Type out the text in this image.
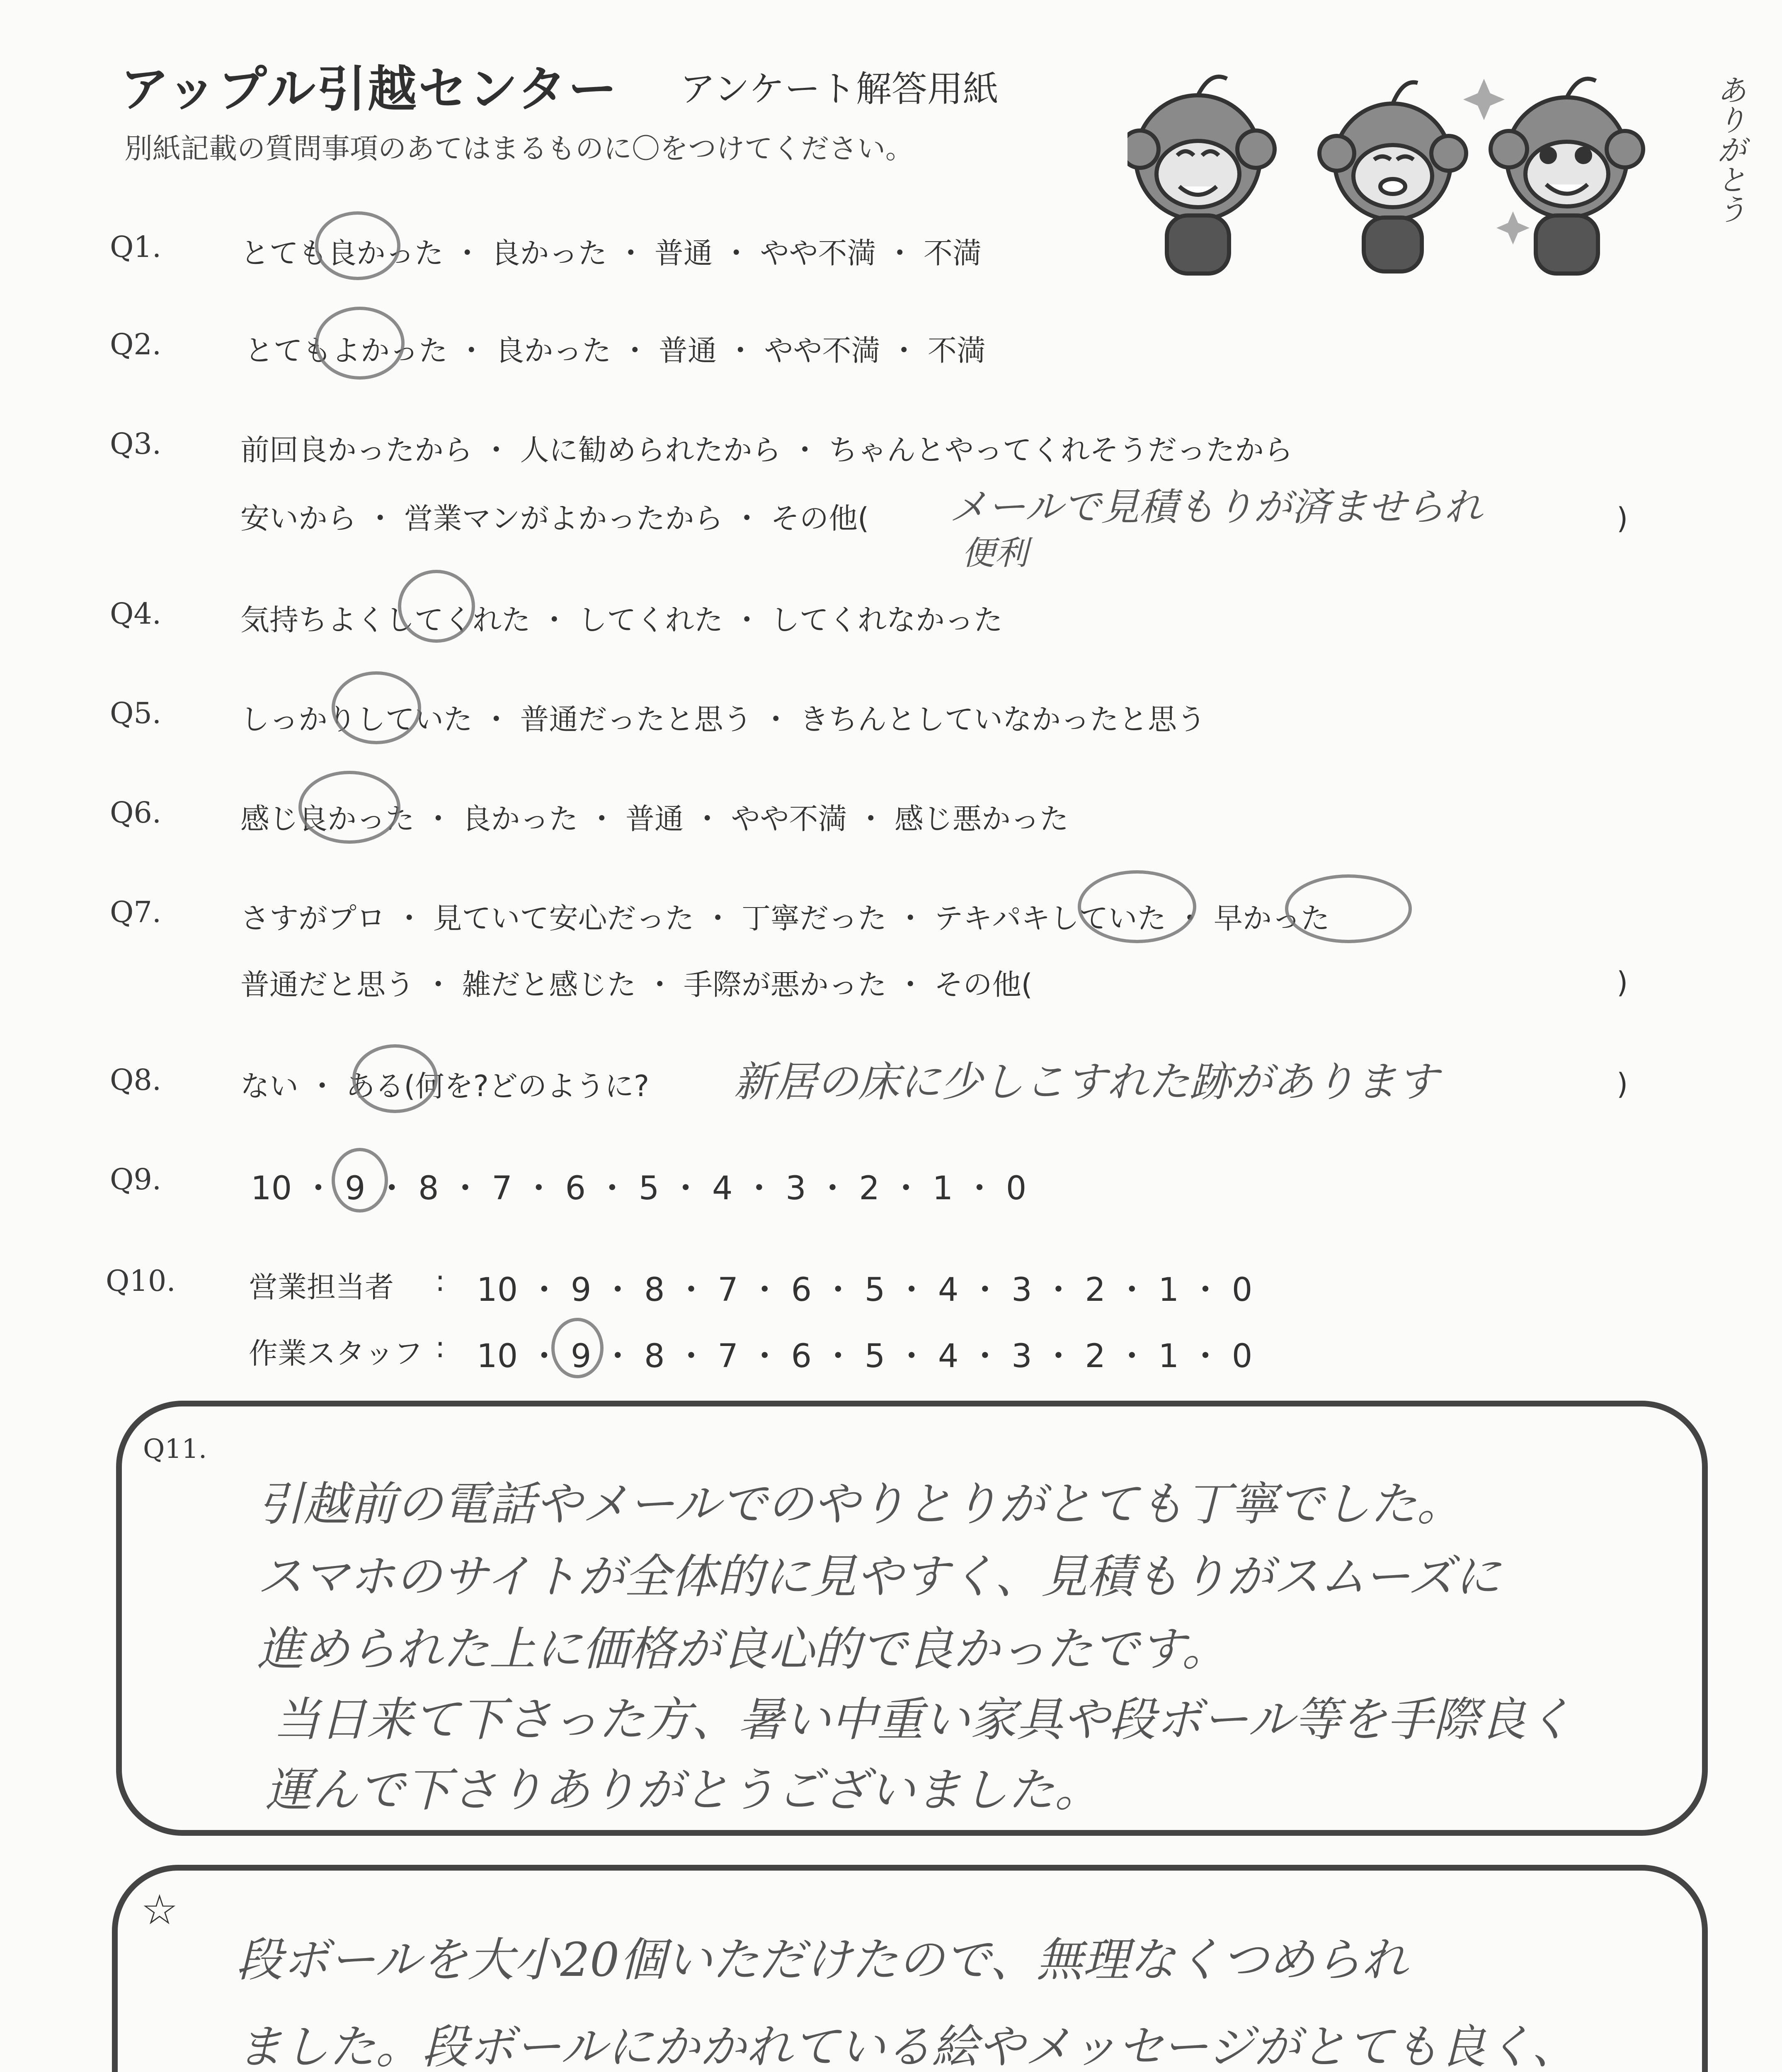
アップル引越センター アンケート解答用紙
別紙記載の質問事項のあてはまるものに〇をつけてください。	ありがとう
Q1.	とても良かった ・ 良かった ・ 普通 ・ やや不満 ・ 不満
Q2.	とてもよかった ・ 良かった ・ 普通 ・ やや不満 ・ 不満
Q3.	前回良かったから ・ 人に勧められたから ・ ちゃんとやってくれそうだったから
安いから ・ 営業マンがよかったから ・ その他(	)
メールで見積もりが済ませられ
便利
Q4.	気持ちよくしてくれた ・ してくれた ・ してくれなかった
Q5.	しっかりしていた ・ 普通だったと思う ・ きちんとしていなかったと思う
Q6.	感じ良かった ・ 良かった ・ 普通 ・ やや不満 ・ 感じ悪かった
Q7.	さすがプロ ・ 見ていて安心だった ・ 丁寧だった ・ テキパキしていた ・ 早かった
普通だと思う ・ 雑だと感じた ・ 手際が悪かった ・ その他(	)
Q8.	ない ・ ある(何を?どのように?	)
新居の床に少しこすれた跡があります
Q9.	10 ・ 9 ・ 8 ・ 7 ・ 6 ・ 5 ・ 4 ・ 3 ・ 2 ・ 1 ・ 0
Q10.	営業担当者 : 10 ・ 9 ・ 8 ・ 7 ・ 6 ・ 5 ・ 4 ・ 3 ・ 2 ・ 1 ・ 0
作業スタッフ : 10 ・ 9 ・ 8 ・ 7 ・ 6 ・ 5 ・ 4 ・ 3 ・ 2 ・ 1 ・ 0
Q11.
引越前の電話やメールでのやりとりがとても丁寧でした。
スマホのサイトが全体的に見やすく、見積もりがスムーズに
進められた上に価格が良心的で良かったです。
当日来て下さった方、暑い中重い家具や段ボール等を手際良く
運んで下さりありがとうございました。
☆
段ボールを大小20個いただけたので、無理なくつめられ
ました。段ボールにかかれている絵やメッセージがとても良く、
